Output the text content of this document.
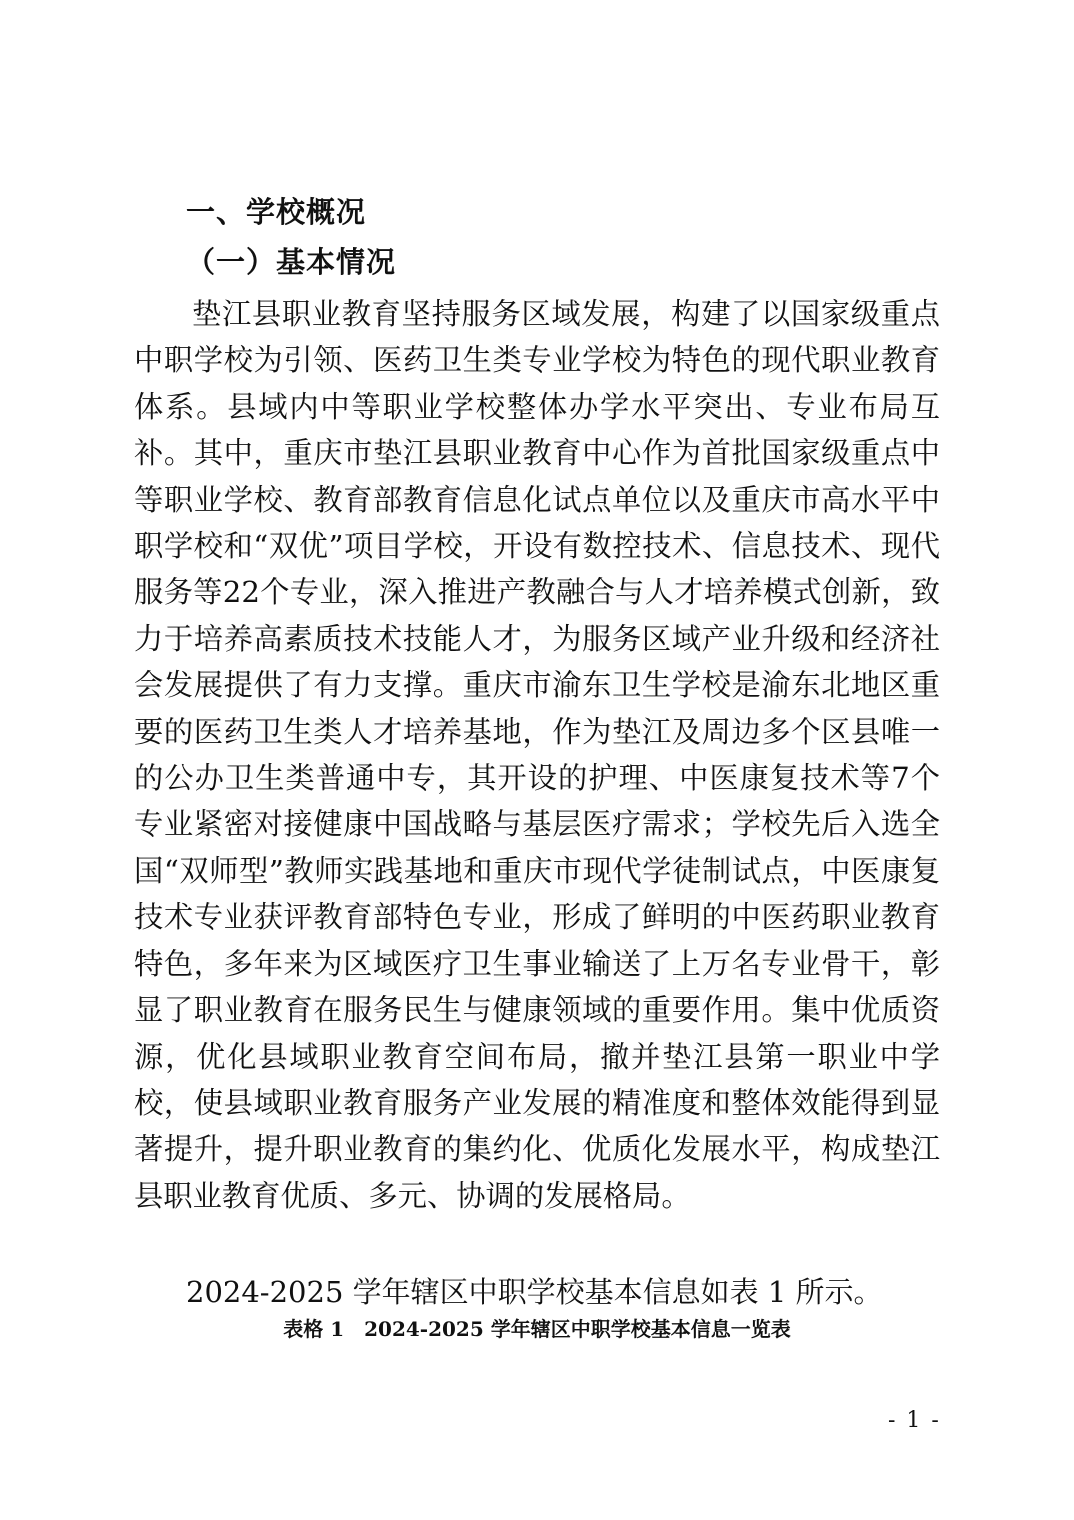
一、学校概况
（一）基本情况
垫江县职业教育坚持服务区域发展，构建了以国家级重点中职学校为引领、医药卫生类专业学校为特色的现代职业教育体系。县域内中等职业学校整体办学水平突出、专业布局互补。其中，重庆市垫江县职业教育中心作为首批国家级重点中等职业学校、教育部教育信息化试点单位以及重庆市高水平中职学校和“双优”项目学校，开设有数控技术、信息技术、现代服务等22个专业，深入推进产教融合与人才培养模式创新，致力于培养高素质技术技能人才，为服务区域产业升级和经济社会发展提供了有力支撑。重庆市渝东卫生学校是渝东北地区重要的医药卫生类人才培养基地，作为垫江及周边多个区县唯一的公办卫生类普通中专，其开设的护理、中医康复技术等7个专业紧密对接健康中国战略与基层医疗需求；学校先后入选全国“双师型”教师实践基地和重庆市现代学徒制试点，中医康复技术专业获评教育部特色专业，形成了鲜明的中医药职业教育特色，多年来为区域医疗卫生事业输送了上万名专业骨干，彰显了职业教育在服务民生与健康领域的重要作用。集中优质资源，优化县域职业教育空间布局，撤并垫江县第一职业中学校，使县域职业教育服务产业发展的精准度和整体效能得到显著提升，提升职业教育的集约化、优质化发展水平，构成垫江县职业教育优质、多元、协调的发展格局。
2024-2025 学年辖区中职学校基本信息如表 1 所示。
表格 1　2024-2025 学年辖区中职学校基本信息一览表
- 1 -
